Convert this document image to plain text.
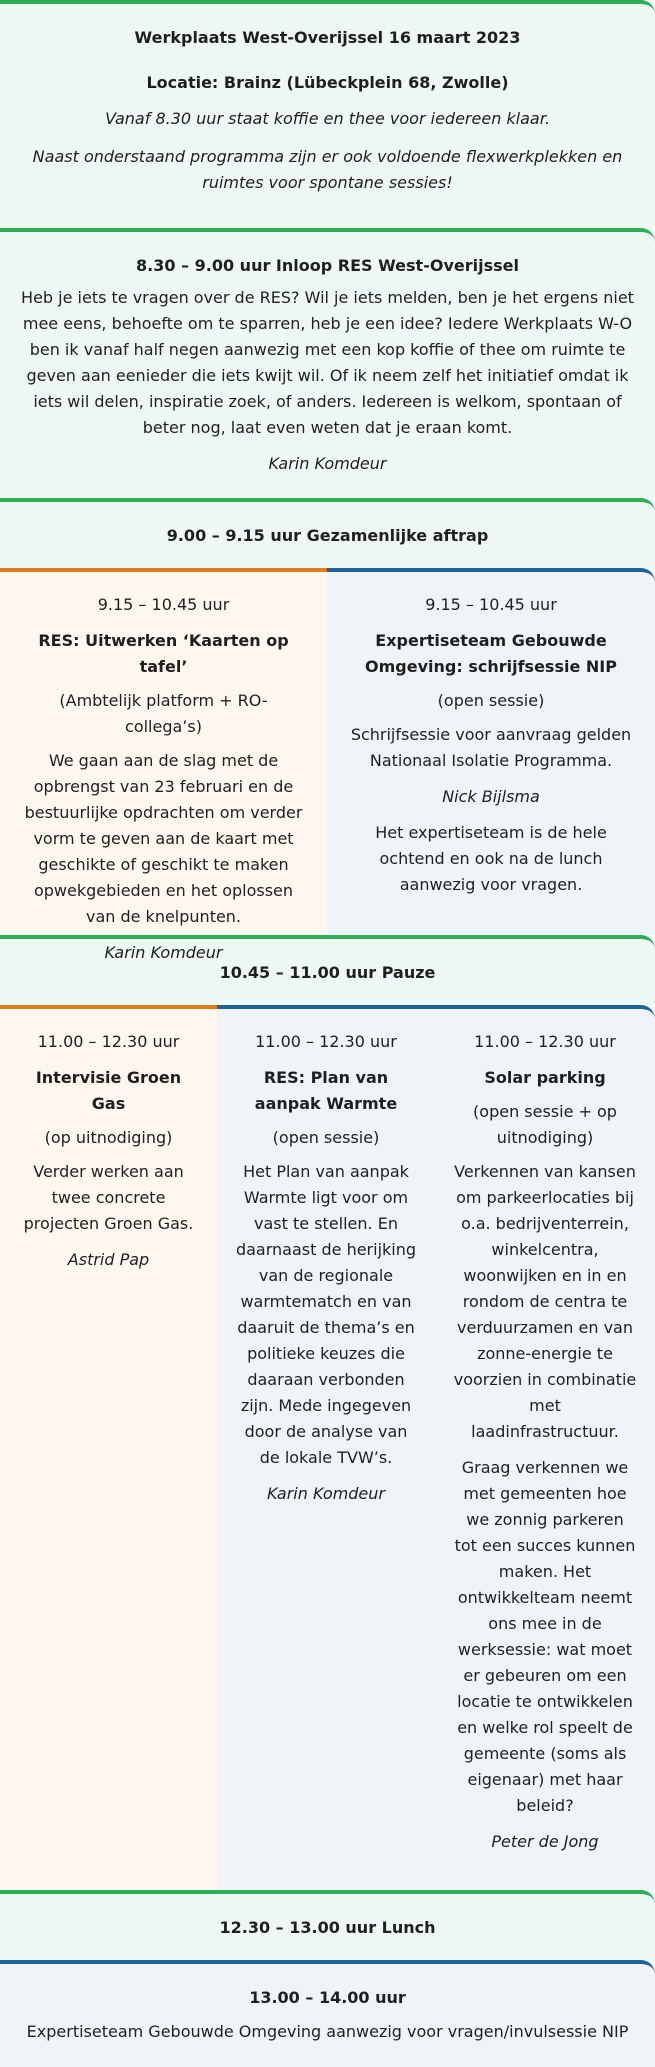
Werkplaats West-Overijssel 16 maart 2023

Locatie: Brainz (Lübeckplein 68, Zwolle)

Vanaf 8.30 uur staat koffie en thee voor iedereen klaar.

Naast onderstaand programma zijn er ook voldoende flexwerkplekken en ruimtes voor spontane sessies!

8.30 – 9.00 uur Inloop RES West-Overijssel

Heb je iets te vragen over de RES? Wil je iets melden, ben je het ergens niet mee eens, behoefte om te sparren, heb je een idee? Iedere Werkplaats W-O ben ik vanaf half negen aanwezig met een kop koffie of thee om ruimte te geven aan eenieder die iets kwijt wil. Of ik neem zelf het initiatief omdat ik iets wil delen, inspiratie zoek, of anders. Iedereen is welkom, spontaan of beter nog, laat even weten dat je eraan komt.

Karin Komdeur

9.00 – 9.15 uur Gezamenlijke aftrap

9.15 – 10.45 uur

RES: Uitwerken ‘Kaarten op tafel’

(Ambtelijk platform + RO-collega’s)

We gaan aan de slag met de opbrengst van 23 februari en de bestuurlijke opdrachten om verder vorm te geven aan de kaart met geschikte of geschikt te maken opwekgebieden en het oplossen van de knelpunten.

Karin Komdeur

9.15 – 10.45 uur

Expertiseteam Gebouwde Omgeving: schrijfsessie NIP

(open sessie)

Schrijfsessie voor aanvraag gelden Nationaal Isolatie Programma.

Nick Bijlsma

Het expertiseteam is de hele ochtend en ook na de lunch aanwezig voor vragen.

10.45 – 11.00 uur Pauze

11.00 – 12.30 uur

Intervisie Groen Gas

(op uitnodiging)

Verder werken aan twee concrete projecten Groen Gas.

Astrid Pap

11.00 – 12.30 uur

RES: Plan van aanpak Warmte

(open sessie)

Het Plan van aanpak Warmte ligt voor om vast te stellen. En daarnaast de herijking van de regionale warmtematch en van daaruit de thema’s en politieke keuzes die daaraan verbonden zijn. Mede ingegeven door de analyse van de lokale TVW’s.

Karin Komdeur

11.00 – 12.30 uur

Solar parking

(open sessie + op uitnodiging)

Verkennen van kansen om parkeerlocaties bij o.a. bedrijventerrein, winkelcentra, woonwijken en in en rondom de centra te verduurzamen en van zonne-energie te voorzien in combinatie met laadinfrastructuur.

Graag verkennen we met gemeenten hoe we zonnig parkeren tot een succes kunnen maken. Het ontwikkelteam neemt ons mee in de werksessie: wat moet er gebeuren om een locatie te ontwikkelen en welke rol speelt de gemeente (soms als eigenaar) met haar beleid?

Peter de Jong

12.30 – 13.00 uur Lunch

13.00 – 14.00 uur

Expertiseteam Gebouwde Omgeving aanwezig voor vragen/invulsessie NIP
